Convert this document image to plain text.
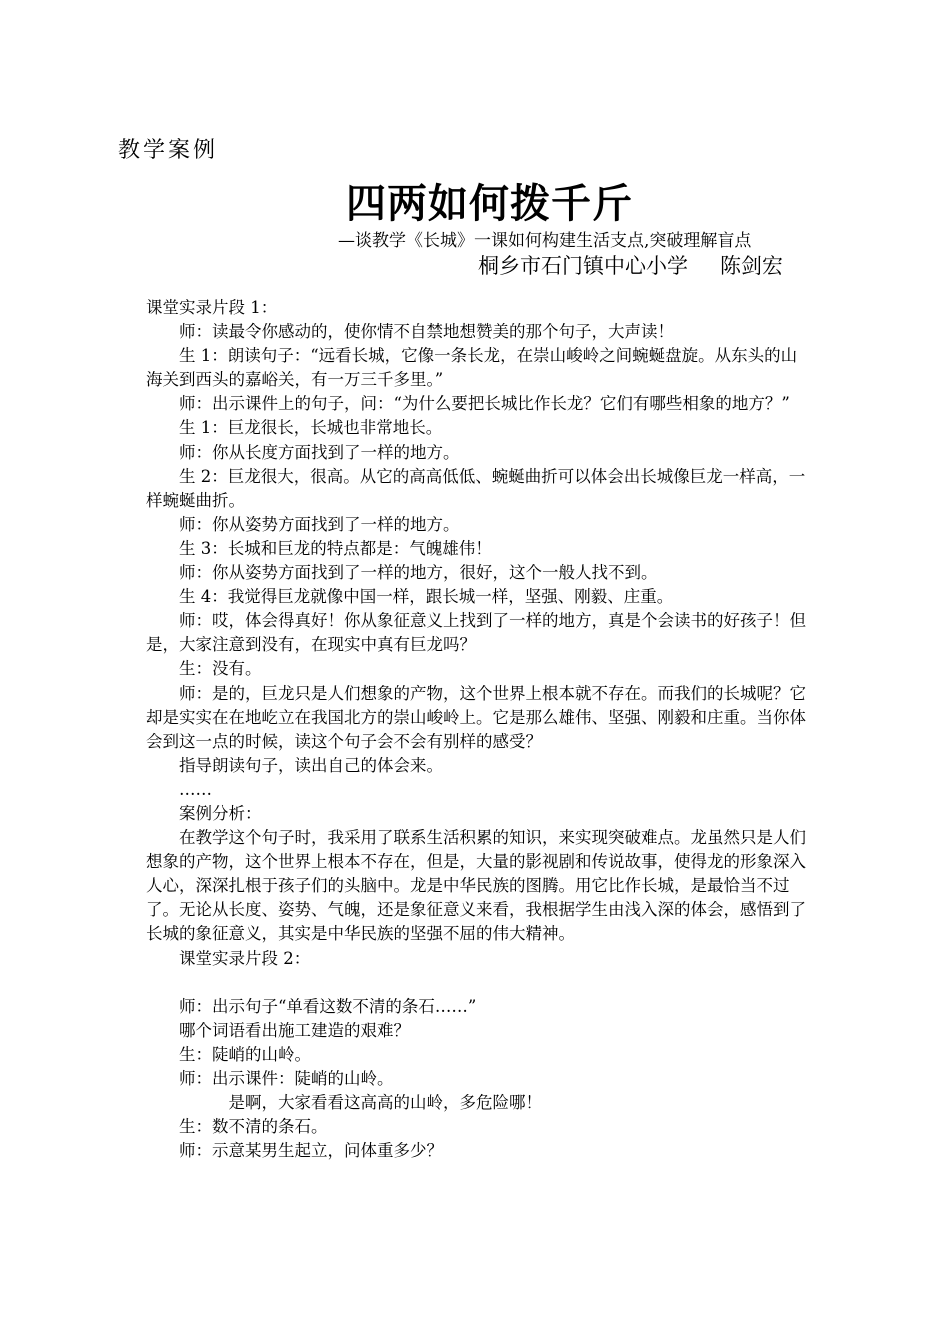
教学案例
四两如何拨千斤
—谈教学《长城》一课如何构建生活支点,突破理解盲点
桐乡市石门镇中心小学 陈剑宏

课堂实录片段 1：

师：读最令你感动的，使你情不自禁地想赞美的那个句子，大声读！

生 1：朗读句子：“远看长城，它像一条长龙，在崇山峻岭之间蜿蜒盘旋。从东头的山海关到西头的嘉峪关，有一万三千多里。”

师：出示课件上的句子，问：“为什么要把长城比作长龙？它们有哪些相象的地方？”

生 1：巨龙很长，长城也非常地长。

师：你从长度方面找到了一样的地方。

生 2：巨龙很大，很高。从它的高高低低、蜿蜒曲折可以体会出长城像巨龙一样高，一样蜿蜒曲折。

师：你从姿势方面找到了一样的地方。

生 3：长城和巨龙的特点都是：气魄雄伟！

师：你从姿势方面找到了一样的地方，很好，这个一般人找不到。

生 4：我觉得巨龙就像中国一样，跟长城一样，坚强、刚毅、庄重。

师：哎，体会得真好！你从象征意义上找到了一样的地方，真是个会读书的好孩子！但是，大家注意到没有，在现实中真有巨龙吗？

生：没有。

师：是的，巨龙只是人们想象的产物，这个世界上根本就不存在。而我们的长城呢？它却是实实在在地屹立在我国北方的崇山峻岭上。它是那么雄伟、坚强、刚毅和庄重。当你体会到这一点的时候，读这个句子会不会有别样的感受？

指导朗读句子，读出自己的体会来。

……

案例分析：

在教学这个句子时，我采用了联系生活积累的知识，来实现突破难点。龙虽然只是人们想象的产物，这个世界上根本不存在，但是，大量的影视剧和传说故事，使得龙的形象深入人心，深深扎根于孩子们的头脑中。龙是中华民族的图腾。用它比作长城，是最恰当不过了。无论从长度、姿势、气魄，还是象征意义来看，我根据学生由浅入深的体会，感悟到了长城的象征意义，其实是中华民族的坚强不屈的伟大精神。

课堂实录片段 2：

师：出示句子“单看这数不清的条石……”

哪个词语看出施工建造的艰难？

生：陡峭的山岭。

师：出示课件：陡峭的山岭。

是啊，大家看看这高高的山岭，多危险哪！

生：数不清的条石。

师：示意某男生起立，问体重多少？
